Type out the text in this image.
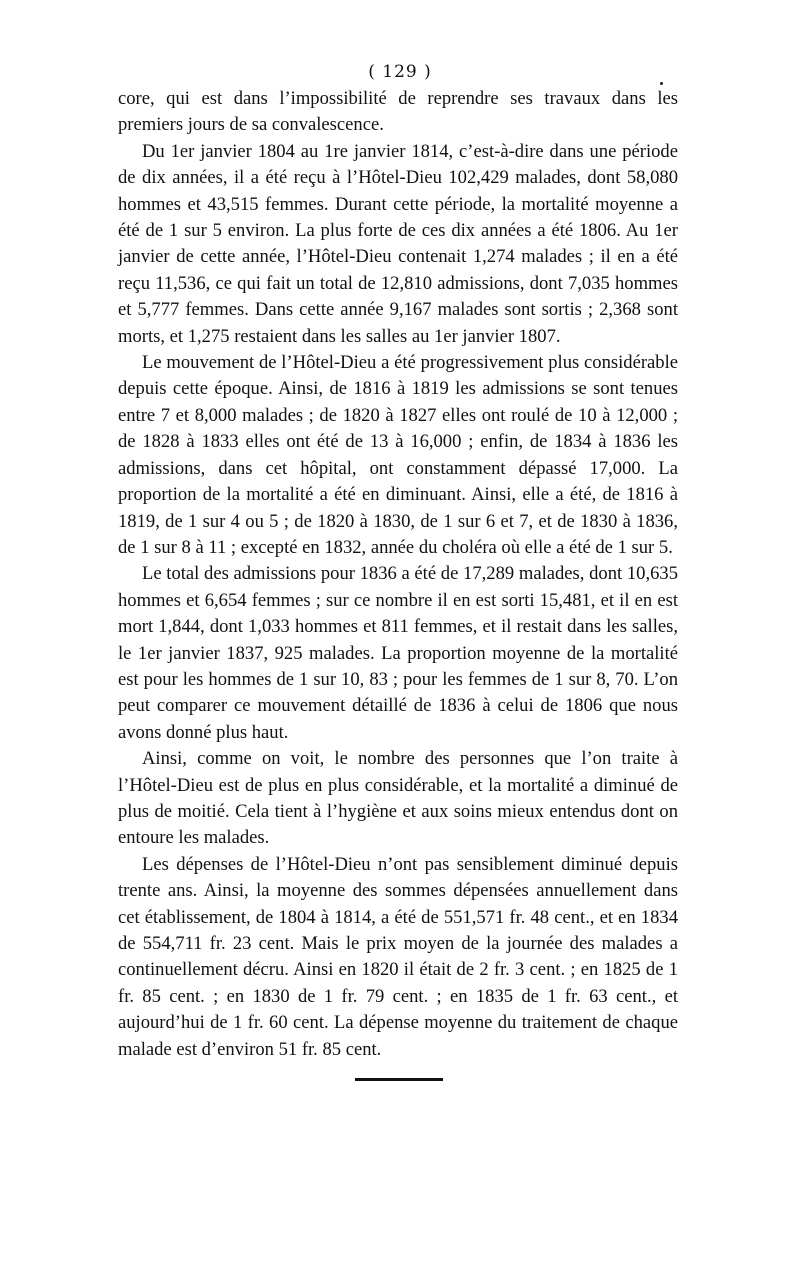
( 129 )

core, qui est dans l’impossibilité de reprendre ses travaux dans les premiers jours de sa convalescence.

Du 1er janvier 1804 au 1re janvier 1814, c’est-à-dire dans une période de dix années, il a été reçu à l’Hôtel-Dieu 102,429 malades, dont 58,080 hommes et 43,515 femmes. Durant cette période, la mortalité moyenne a été de 1 sur 5 environ. La plus forte de ces dix années a été 1806. Au 1er janvier de cette année, l’Hôtel-Dieu contenait 1,274 malades ; il en a été reçu 11,536, ce qui fait un total de 12,810 admissions, dont 7,035 hommes et 5,777 femmes. Dans cette année 9,167 malades sont sortis ; 2,368 sont morts, et 1,275 restaient dans les salles au 1er janvier 1807.

Le mouvement de l’Hôtel-Dieu a été progressivement plus considérable depuis cette époque. Ainsi, de 1816 à 1819 les admissions se sont tenues entre 7 et 8,000 malades ; de 1820 à 1827 elles ont roulé de 10 à 12,000 ; de 1828 à 1833 elles ont été de 13 à 16,000 ; enfin, de 1834 à 1836 les admissions, dans cet hôpital, ont constamment dépassé 17,000. La proportion de la mortalité a été en diminuant. Ainsi, elle a été, de 1816 à 1819, de 1 sur 4 ou 5 ; de 1820 à 1830, de 1 sur 6 et 7, et de 1830 à 1836, de 1 sur 8 à 11 ; excepté en 1832, année du choléra où elle a été de 1 sur 5.

Le total des admissions pour 1836 a été de 17,289 malades, dont 10,635 hommes et 6,654 femmes ; sur ce nombre il en est sorti 15,481, et il en est mort 1,844, dont 1,033 hommes et 811 femmes, et il restait dans les salles, le 1er janvier 1837, 925 malades. La proportion moyenne de la mortalité est pour les hommes de 1 sur 10, 83 ; pour les femmes de 1 sur 8, 70. L’on peut comparer ce mouvement détaillé de 1836 à celui de 1806 que nous avons donné plus haut.

Ainsi, comme on voit, le nombre des personnes que l’on traite à l’Hôtel-Dieu est de plus en plus considérable, et la mortalité a diminué de plus de moitié. Cela tient à l’hygiène et aux soins mieux entendus dont on entoure les malades.

Les dépenses de l’Hôtel-Dieu n’ont pas sensiblement diminué depuis trente ans. Ainsi, la moyenne des sommes dépensées annuellement dans cet établissement, de 1804 à 1814, a été de 551,571 fr. 48 cent., et en 1834 de 554,711 fr. 23 cent. Mais le prix moyen de la journée des malades a continuellement décru. Ainsi en 1820 il était de 2 fr. 3 cent. ; en 1825 de 1 fr. 85 cent. ; en 1830 de 1 fr. 79 cent. ; en 1835 de 1 fr. 63 cent., et aujourd’hui de 1 fr. 60 cent. La dépense moyenne du traitement de chaque malade est d’environ 51 fr. 85 cent.
